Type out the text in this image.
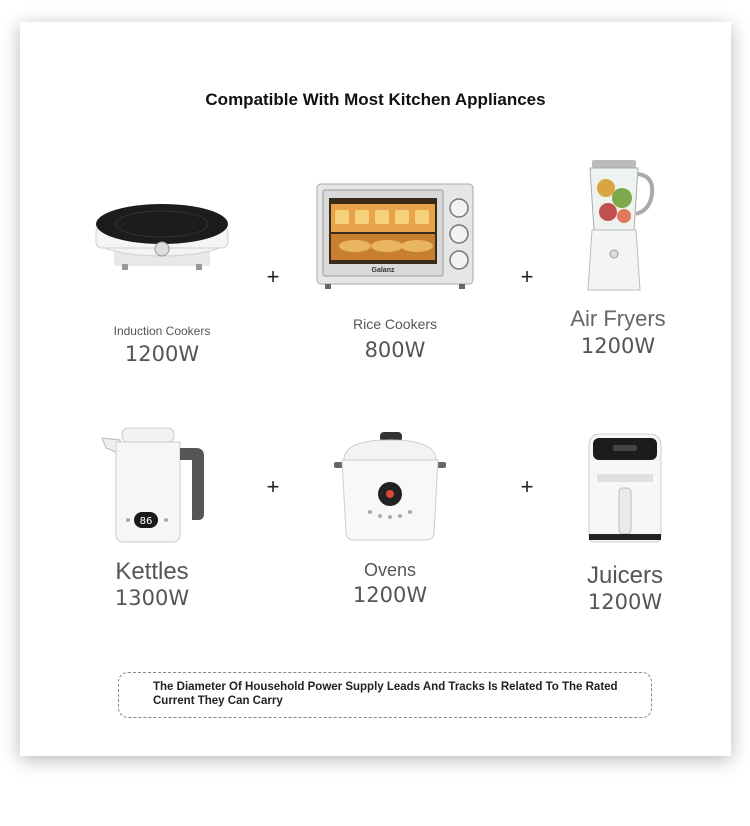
Compatible With Most Kitchen Appliances
Induction Cookers
1200W
+	Galanz
Rice Cookers
800W
+
Air Fryers
1200W
86
Kettles
1300W
+
Ovens
1200W
+
Juicers
1200W
The Diameter Of Household Power Supply Leads And Tracks Is Related To The Rated Current They Can Carry
